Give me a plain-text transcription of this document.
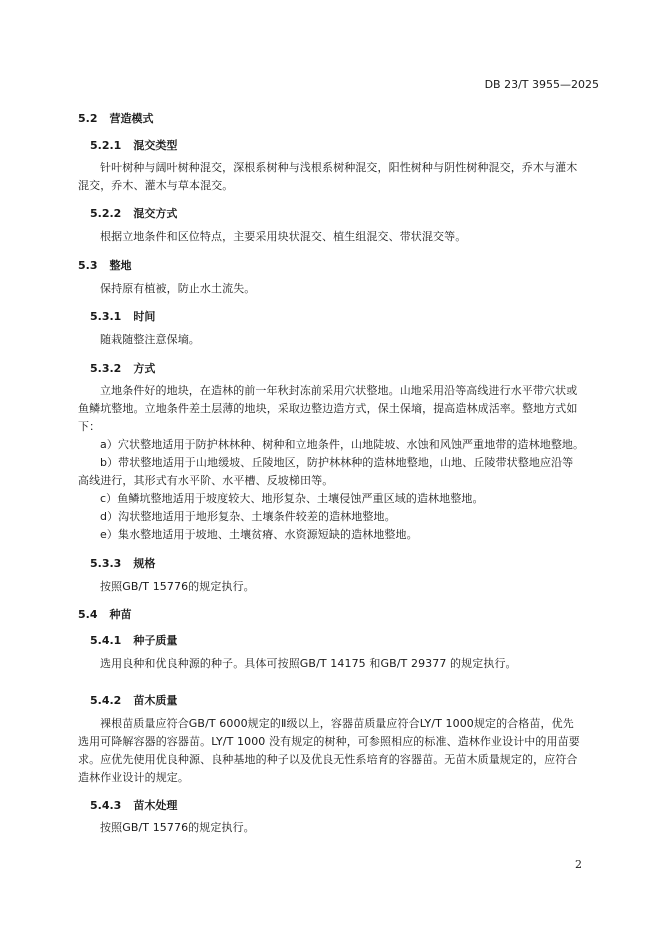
DB 23/T 3955—2025
5.2 营造模式
5.2.1 混交类型
针叶树种与阔叶树种混交，深根系树种与浅根系树种混交，阳性树种与阴性树种混交，乔木与灌木
混交，乔木、灌木与草本混交。
5.2.2 混交方式
根据立地条件和区位特点，主要采用块状混交、植生组混交、带状混交等。
5.3 整地
保持原有植被，防止水土流失。
5.3.1 时间
随栽随整注意保墒。
5.3.2 方式
立地条件好的地块，在造林的前一年秋封冻前采用穴状整地。山地采用沿等高线进行水平带穴状或
鱼鳞坑整地。立地条件差土层薄的地块，采取边整边造方式，保土保墒，提高造林成活率。整地方式如
下：
a）穴状整地适用于防护林林种、树种和立地条件，山地陡坡、水蚀和风蚀严重地带的造林地整地。
b）带状整地适用于山地缓坡、丘陵地区，防护林林种的造林地整地，山地、丘陵带状整地应沿等
高线进行，其形式有水平阶、水平槽、反坡梯田等。
c）鱼鳞坑整地适用于坡度较大、地形复杂、土壤侵蚀严重区域的造林地整地。
d）沟状整地适用于地形复杂、土壤条件较差的造林地整地。
e）集水整地适用于坡地、土壤贫瘠、水资源短缺的造林地整地。
5.3.3 规格
按照GB/T 15776的规定执行。
5.4 种苗
5.4.1 种子质量
选用良种和优良种源的种子。具体可按照GB/T 14175 和GB/T 29377 的规定执行。
5.4.2 苗木质量
裸根苗质量应符合GB/T 6000规定的Ⅱ级以上，容器苗质量应符合LY/T 1000规定的合格苗，优先
选用可降解容器的容器苗。LY/T 1000 没有规定的树种，可参照相应的标准、造林作业设计中的用苗要
求。应优先使用优良种源、良种基地的种子以及优良无性系培育的容器苗。无苗木质量规定的，应符合
造林作业设计的规定。
5.4.3 苗木处理
按照GB/T 15776的规定执行。
2
